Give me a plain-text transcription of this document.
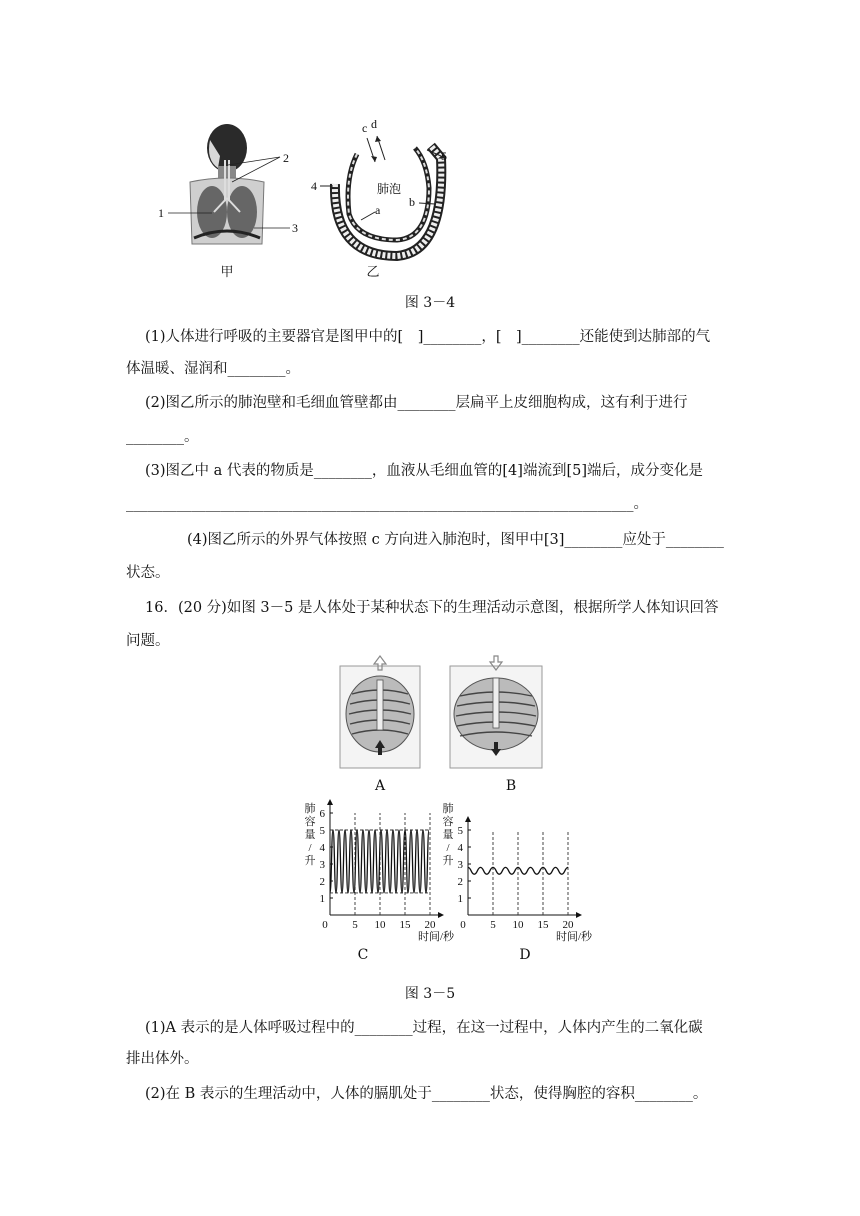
2
1
3
甲
肺泡
c d
a
b
4
5
乙
图 3－4
(1)人体进行呼吸的主要器官是图甲中的[　]________，[　]________还能使到达肺部的气
体温暖、湿润和________。
(2)图乙所示的肺泡壁和毛细血管壁都由________层扁平上皮细胞构成，这有利于进行
________。
(3)图乙中 a 代表的物质是________，血液从毛细血管的[4]端流到[5]端后，成分变化是
______________________________________________________________________。
(4)图乙所示的外界气体按照 c 方向进入肺泡时，图甲中[3]________应处于________
状态。
16．(20 分)如图 3－5 是人体处于某种状态下的生理活动示意图，根据所学人体知识回答
问题。
A	B
肺
容
量
/
升
6
5
4
3
2
1
0 5 10 15 20
时间/秒
C
肺
容
量
/
升
5
4
3
2
1
0 5 10 15 20
时间/秒
D
图 3－5
(1)A 表示的是人体呼吸过程中的________过程，在这一过程中，人体内产生的二氧化碳
排出体外。
(2)在 B 表示的生理活动中，人体的膈肌处于________状态，使得胸腔的容积________。
